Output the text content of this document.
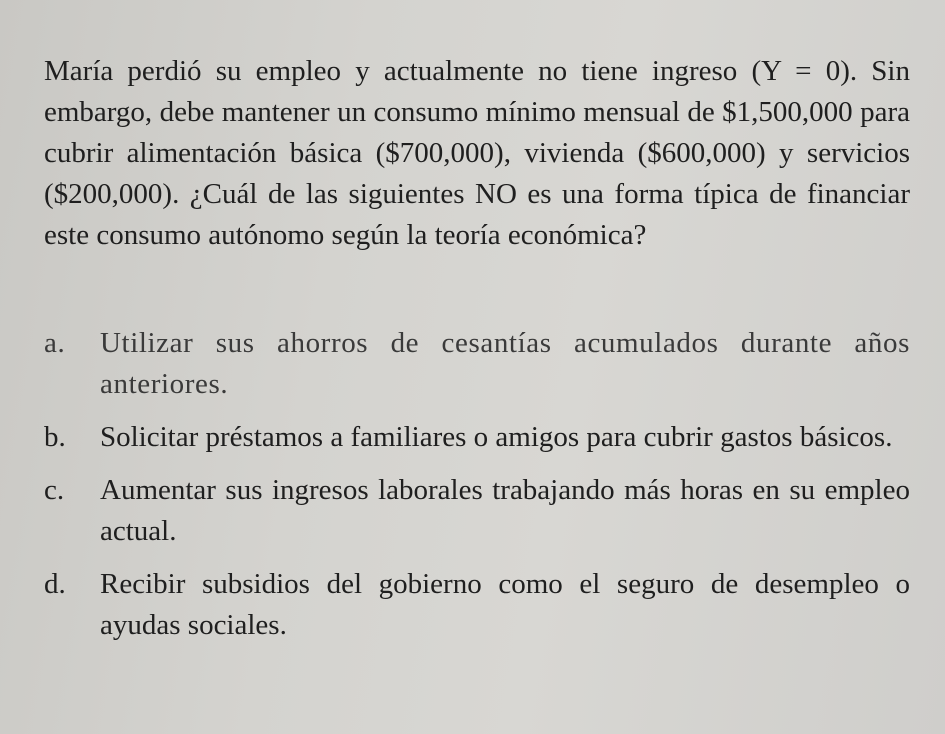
María perdió su empleo y actualmente no tiene ingreso (Y = 0). Sin embargo, debe mantener un consumo mínimo mensual de $1,500,000 para cubrir alimentación básica ($700,000), vivienda ($600,000) y servicios ($200,000). ¿Cuál de las siguientes NO es una forma típica de financiar este consumo autónomo según la teoría económica?

a. Utilizar sus ahorros de cesantías acumulados durante años anteriores.
b. Solicitar préstamos a familiares o amigos para cubrir gastos básicos.
c. Aumentar sus ingresos laborales trabajando más horas en su empleo actual.
d. Recibir subsidios del gobierno como el seguro de desempleo o ayudas sociales.
